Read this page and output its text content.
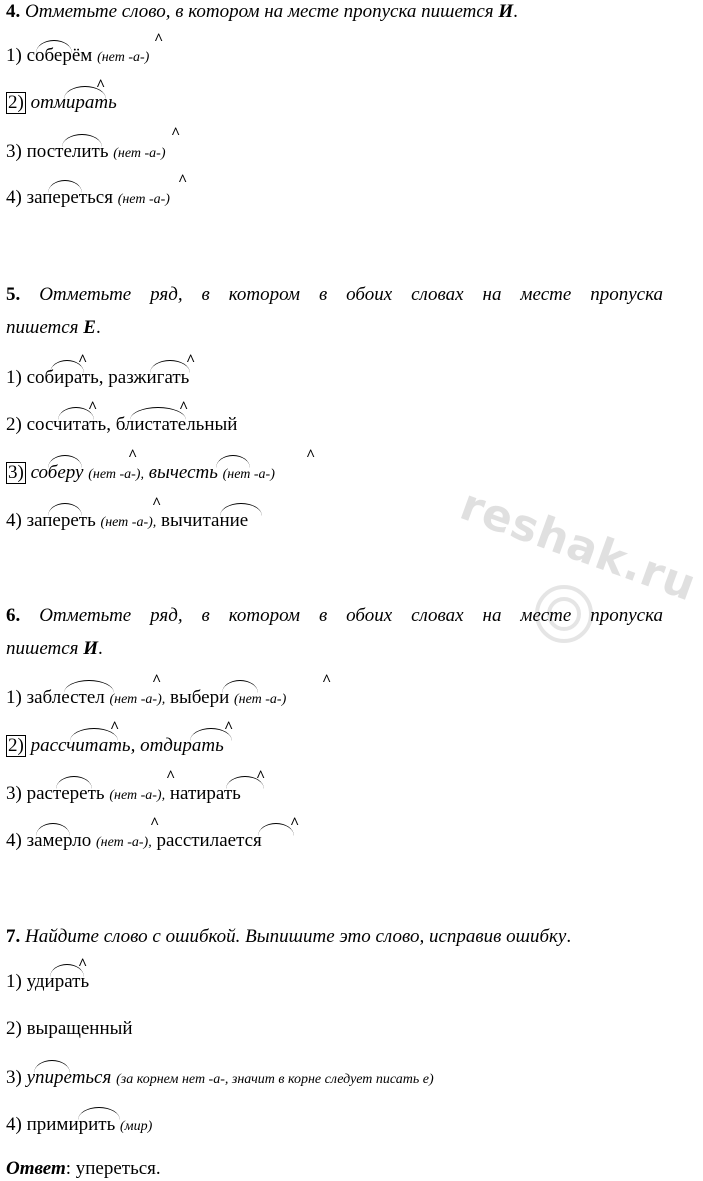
reshak.ru
4. Отметьте слово, в котором на месте пропуска пишется И.
1) соберём (нет -а-)
^
2) отмирать
^
3) постелить (нет -а-)
^
4) запереться (нет -а-)
^
5. Отметьте ряд, в котором в обоих словах на месте пропуска
пишется Е.
1) собирать, разжигать
^	^
2) сосчитать, блистательный
^	^
3) соберу (нет -а-), вычесть (нет -а-)
^	^
4) запереть (нет -а-), вычитание
^
6. Отметьте ряд, в котором в обоих словах на месте пропуска
пишется И.
1) заблестел (нет -а-), выбери (нет -а-)
^	^
2) рассчитать, отдирать
^	^
3) растереть (нет -а-), натирать
^	^
4) замерло (нет -а-), расстилается
^	^
7. Найдите слово с ошибкой. Выпишите это слово, исправив ошибку.
1) удирать
^
2) выращенный
3) упиреться (за корнем нет -а-, значит в корне следует писать е)
4) примирить (мир)
Ответ: упереться.
